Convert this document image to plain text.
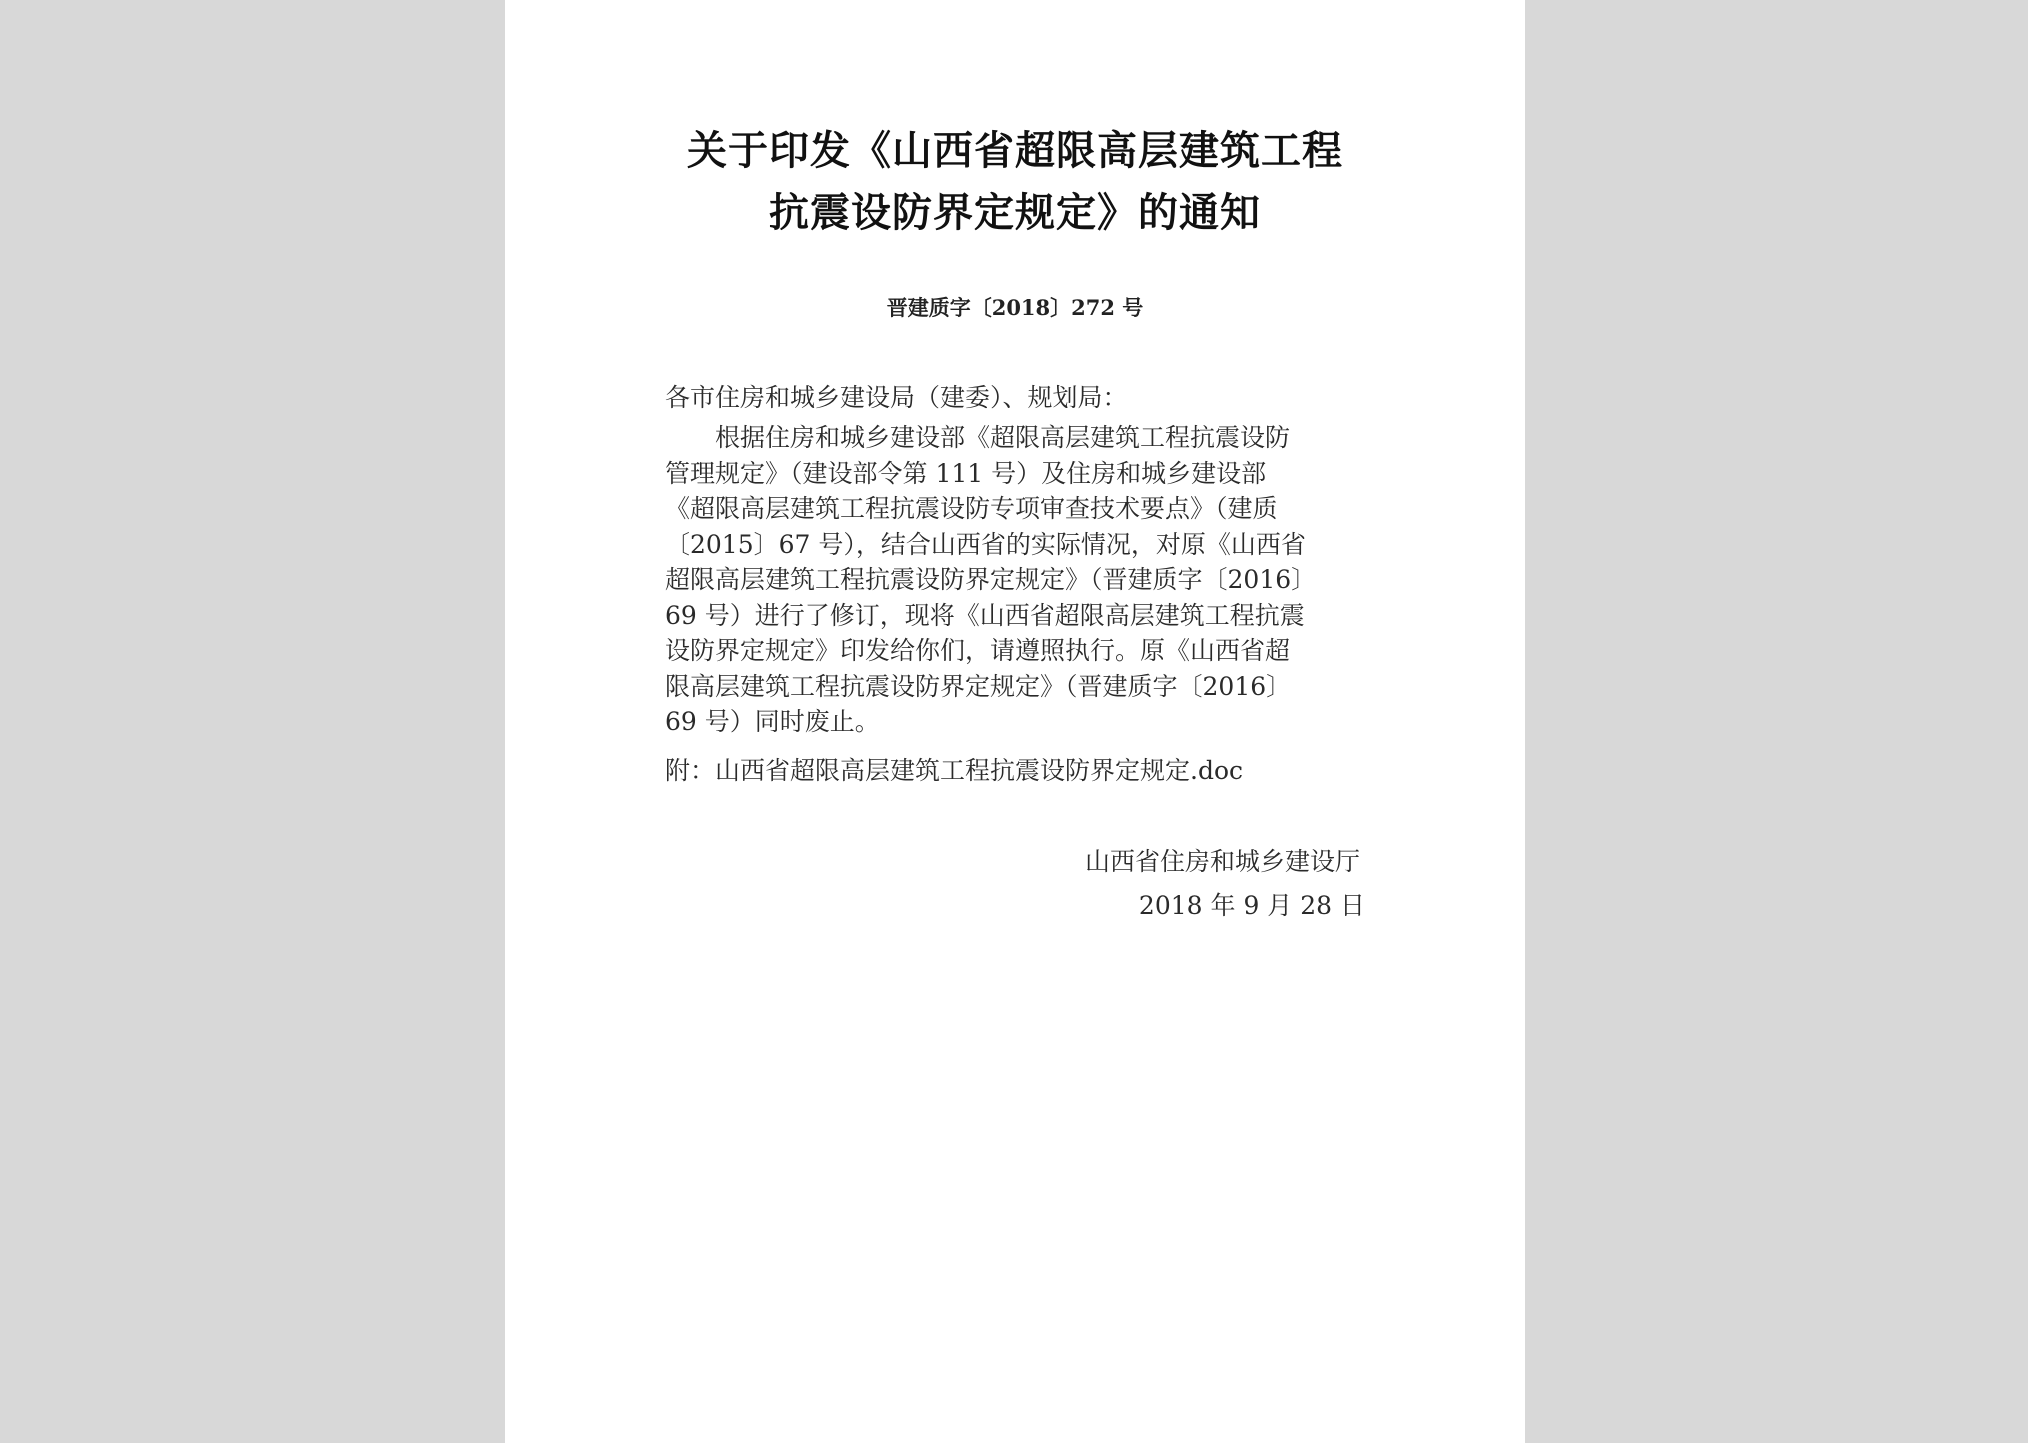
关于印发《山西省超限高层建筑工程
抗震设防界定规定》的通知
晋建质字〔2018〕272 号
各市住房和城乡建设局（建委）、规划局：
根据住房和城乡建设部《超限高层建筑工程抗震设防
管理规定》（建设部令第 111 号）及住房和城乡建设部
《超限高层建筑工程抗震设防专项审查技术要点》（建质
〔2015〕67 号），结合山西省的实际情况，对原《山西省
超限高层建筑工程抗震设防界定规定》（晋建质字〔2016〕
69 号）进行了修订，现将《山西省超限高层建筑工程抗震
设防界定规定》印发给你们，请遵照执行。原《山西省超
限高层建筑工程抗震设防界定规定》（晋建质字〔2016〕
69 号）同时废止。
附：山西省超限高层建筑工程抗震设防界定规定.doc
山西省住房和城乡建设厅
2018 年 9 月 28 日
